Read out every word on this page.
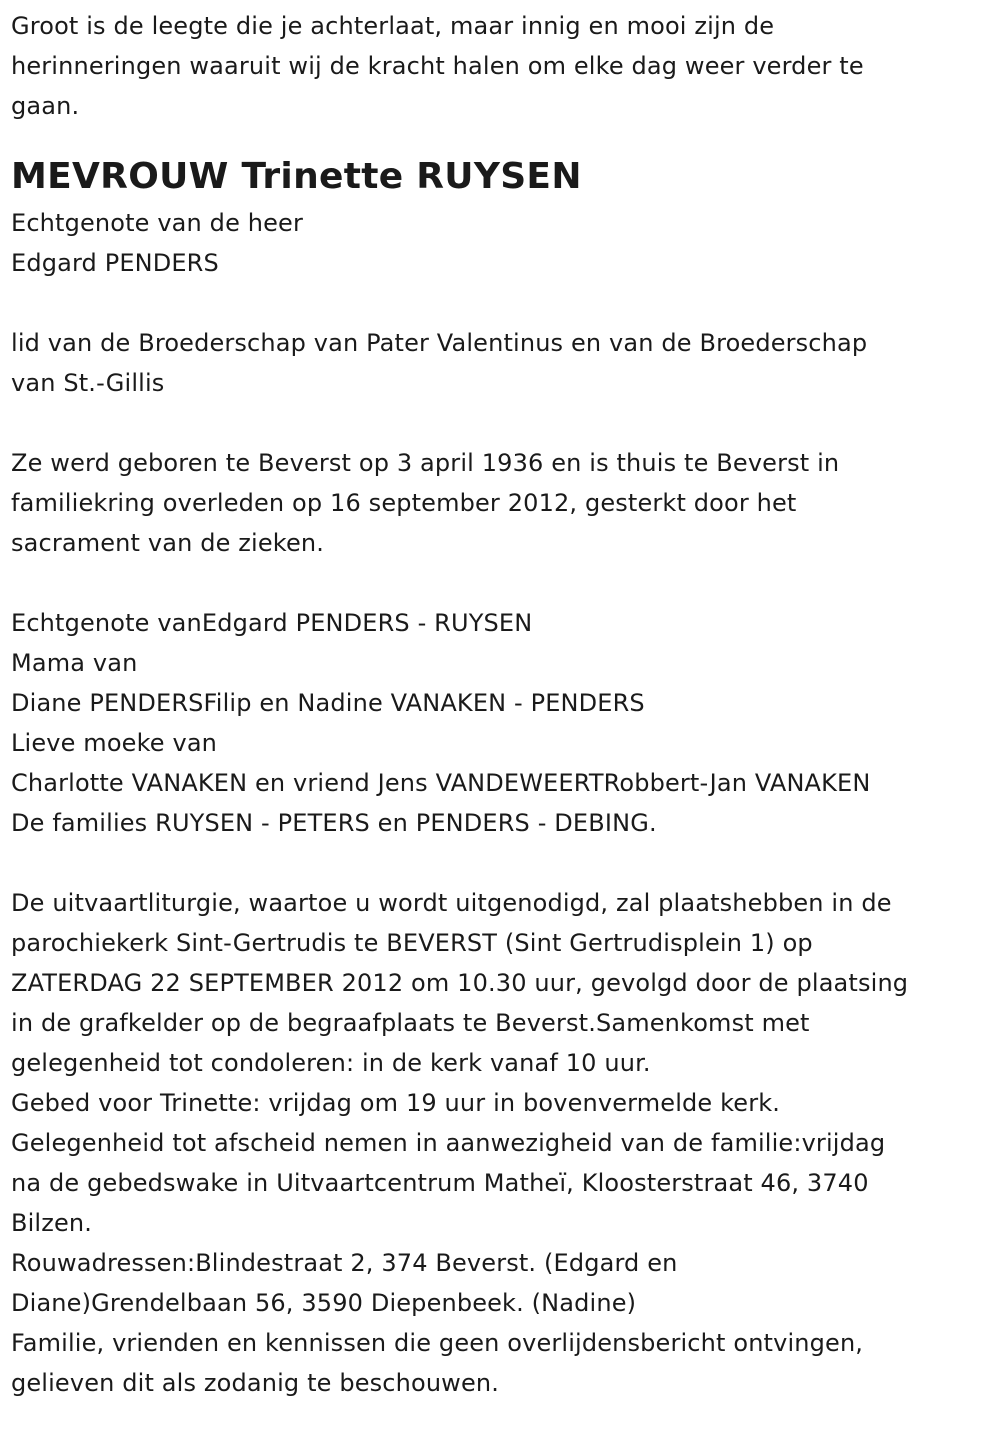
Groot is de leegte die je achterlaat, maar innig en mooi zijn de
herinneringen waaruit wij de kracht halen om elke dag weer verder te
gaan.
MEVROUW Trinette RUYSEN
Echtgenote van de heer
Edgard PENDERS
lid van de Broederschap van Pater Valentinus en van de Broederschap
van St.-Gillis
Ze werd geboren te Beverst op 3 april 1936 en is thuis te Beverst in
familiekring overleden op 16 september 2012, gesterkt door het
sacrament van de zieken.
Echtgenote vanEdgard PENDERS - RUYSEN
Mama van
Diane PENDERSFilip en Nadine VANAKEN - PENDERS
Lieve moeke van
Charlotte VANAKEN en vriend Jens VANDEWEERTRobbert-Jan VANAKEN
De families RUYSEN - PETERS en PENDERS - DEBING.
De uitvaartliturgie, waartoe u wordt uitgenodigd, zal plaatshebben in de
parochiekerk Sint-Gertrudis te BEVERST (Sint Gertrudisplein 1) op
ZATERDAG 22 SEPTEMBER 2012 om 10.30 uur, gevolgd door de plaatsing
in de grafkelder op de begraafplaats te Beverst.Samenkomst met
gelegenheid tot condoleren: in de kerk vanaf 10 uur.
Gebed voor Trinette: vrijdag om 19 uur in bovenvermelde kerk.
Gelegenheid tot afscheid nemen in aanwezigheid van de familie:vrijdag
na de gebedswake in Uitvaartcentrum Matheï, Kloosterstraat 46, 3740
Bilzen.
Rouwadressen:Blindestraat 2, 374 Beverst. (Edgard en
Diane)Grendelbaan 56, 3590 Diepenbeek. (Nadine)
Familie, vrienden en kennissen die geen overlijdensbericht ontvingen,
gelieven dit als zodanig te beschouwen.
